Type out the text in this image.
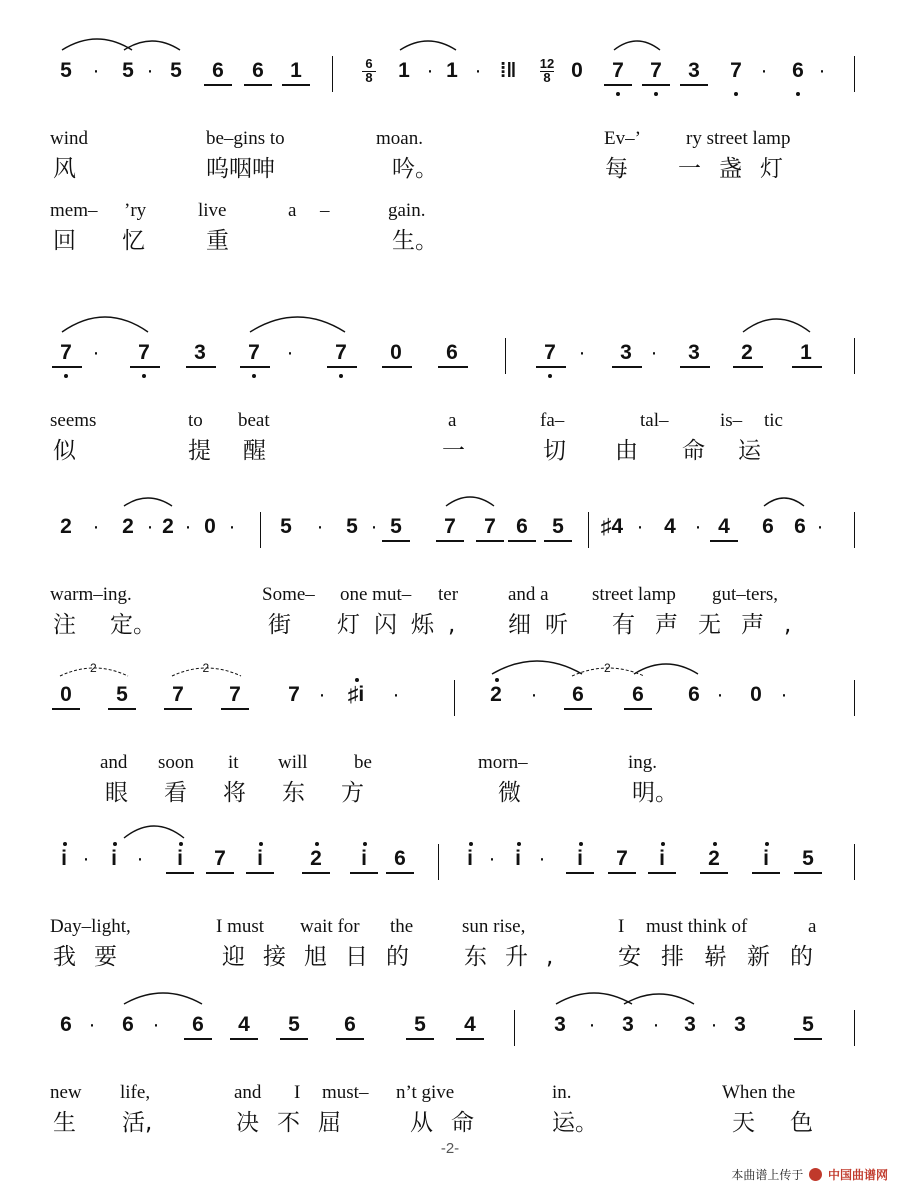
5 ·	5 · 5	6	6	1	6
8	1 · 1 · ⁞‖	12
8 0	7	7	3	7 ·	6 ·
wind	be–gins to	moan.	Ev–’ ry street lamp
风	呜咽呻	吟。	每 一盏灯
mem– ’ry	live	a –	gain.
回 忆	重	生。
7 ·	7	3	7	·	7	0	6	7	·	3 ·	3	2	1
seems	to beat	a	fa–	tal–	is– tic
似	提 醒	一	切 由 命 运
2 ·	2 · 2 · 0 ·	5	·	5 · 5	7	7 6	5	♯4 · 4 · 4	6 6 ·
warm–ing.	Some– one mut– ter	and a street lamp gut–ters,
注 定。	街 灯闪烁, 细听 有声无声,
0	5	7	7	7 ·	♯i	·	2	·	6	6	6 ·	0 ·
2	2	2
and soon it will be	morn–	ing.
眼看将东方	微	明。
i ·	i ·	i	7	i	2	i	6	i · i ·	i	7	i	2	i	5
Day–light,	I must wait for the	sun rise,	I must think of	a
我要	迎接旭日的 东升, 安排崭新的
6 ·	6 ·	6	4	5	6	5	4	3	·	3 ·	3 · 3	5
new life,	and I must– n’t give	in.	When the
生 活,	决不屈 从命	运。	天 色
-2-
本曲谱上传于 中国曲谱网
